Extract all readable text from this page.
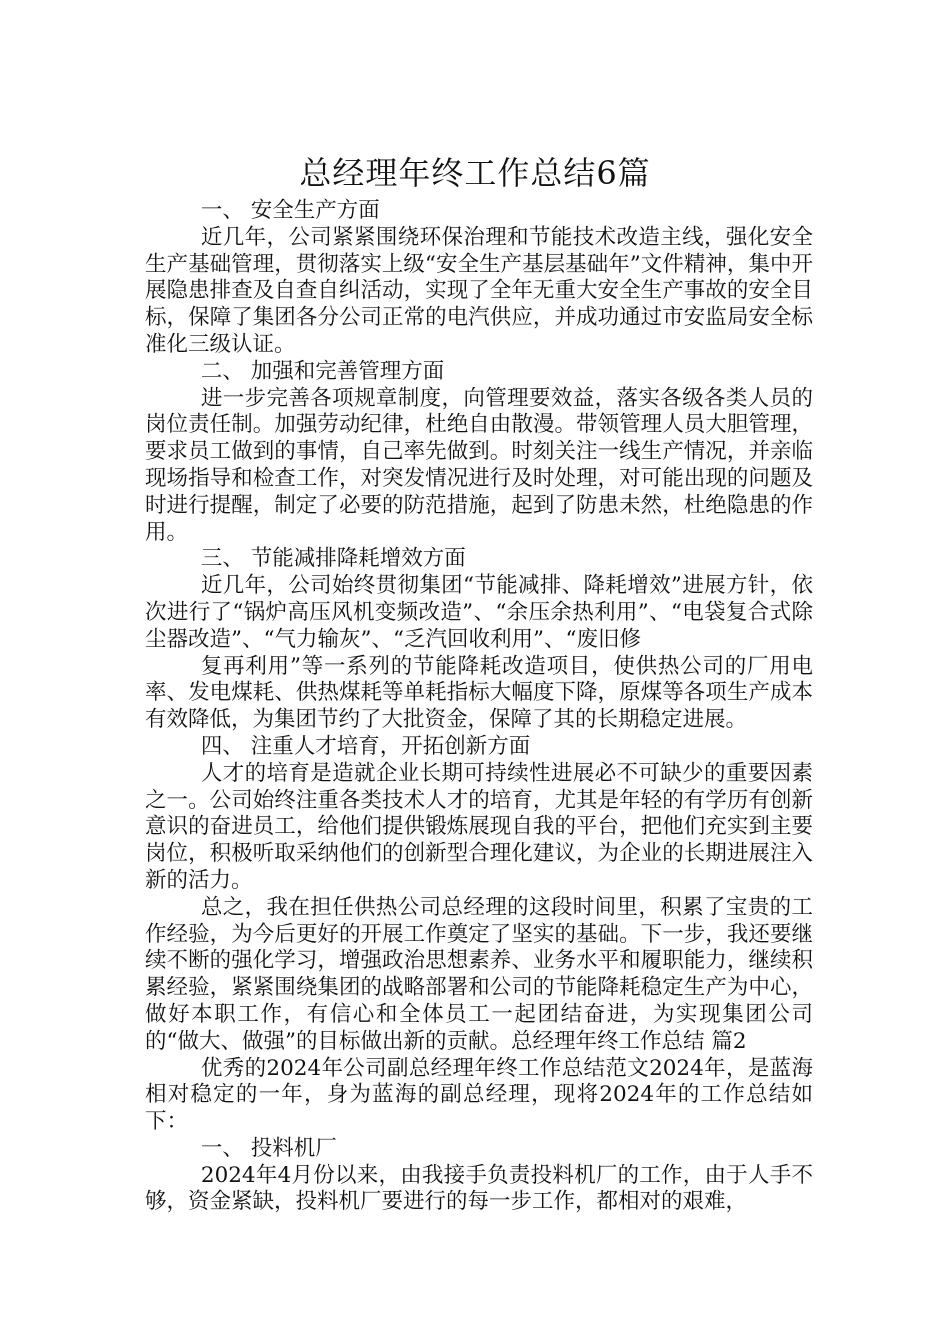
总经理年终工作总结6篇

一、 安全生产方面

近几年，公司紧紧围绕环保治理和节能技术改造主线，强化安全生产基础管理，贯彻落实上级“安全生产基层基础年”文件精神，集中开展隐患排查及自查自纠活动，实现了全年无重大安全生产事故的安全目标，保障了集团各分公司正常的电汽供应，并成功通过市安监局安全标准化三级认证。

二、 加强和完善管理方面

进一步完善各项规章制度，向管理要效益，落实各级各类人员的岗位责任制。加强劳动纪律，杜绝自由散漫。带领管理人员大胆管理，要求员工做到的事情，自己率先做到。时刻关注一线生产情况，并亲临现场指导和检查工作，对突发情况进行及时处理，对可能出现的问题及时进行提醒，制定了必要的防范措施，起到了防患未然，杜绝隐患的作用。

三、 节能减排降耗增效方面

近几年，公司始终贯彻集团“节能减排、降耗增效”进展方针，依次进行了“锅炉高压风机变频改造”、“余压余热利用”、“电袋复合式除尘器改造”、“气力输灰”、“乏汽回收利用”、“废旧修

复再利用”等一系列的节能降耗改造项目，使供热公司的厂用电率、发电煤耗、供热煤耗等单耗指标大幅度下降，原煤等各项生产成本有效降低，为集团节约了大批资金，保障了其的长期稳定进展。

四、 注重人才培育，开拓创新方面

人才的培育是造就企业长期可持续性进展必不可缺少的重要因素之一。公司始终注重各类技术人才的培育，尤其是年轻的有学历有创新意识的奋进员工，给他们提供锻炼展现自我的平台，把他们充实到主要岗位，积极听取采纳他们的创新型合理化建议，为企业的长期进展注入新的活力。

总之，我在担任供热公司总经理的这段时间里，积累了宝贵的工作经验，为今后更好的开展工作奠定了坚实的基础。下一步，我还要继续不断的强化学习，增强政治思想素养、业务水平和履职能力，继续积累经验，紧紧围绕集团的战略部署和公司的节能降耗稳定生产为中心，做好本职工作，有信心和全体员工一起团结奋进，为实现集团公司的“做大、做强”的目标做出新的贡献。总经理年终工作总结 篇2

优秀的2024年公司副总经理年终工作总结范文2024年，是蓝海相对稳定的一年，身为蓝海的副总经理，现将2024年的工作总结如下：

一、 投料机厂

2024年4月份以来，由我接手负责投料机厂的工作，由于人手不够，资金紧缺，投料机厂要进行的每一步工作，都相对的艰难，
